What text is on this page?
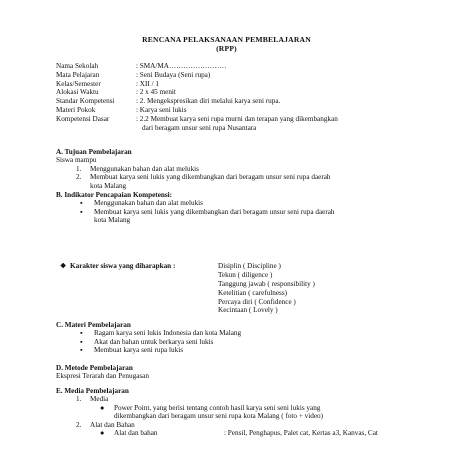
RENCANA PELAKSANAAN PEMBELAJARAN
(RPP)
Nama Sekolah	: SMA/MA……………………
Mata Pelajaran	: Seni Budaya (Seni rupa)
Kelas/Semester	: XII / 1
Alokasi Waktu	: 2 x 45 menit
Standar Kompetensi	: 2. Mengekspresikan diri melalui karya seni rupa.
Materi Pokok	: Karya seni lukis
Kompetensi Dasar	: 2.2 Membuat karya seni rupa murni dan terapan yang dikembangkan
dari beragam unsur seni rupa Nusantara
A. Tujuan Pembelajaran
Siswa mampu
1. Menggunakan bahan dan alat melukis
2. Membuat karya seni lukis yang dikembangkan dari beragam unsur seni rupa daerah
kota Malang
B. Indikator Pencapaian Kompetensi:
▪ Menggunakan bahan dan alat melukis
▪ Membuat karya seni lukis yang dikembangkan dari beragam unsur seni rupa daerah
kota Malang
❖ Karakter siswa yang diharapkan :	Disiplin ( Discipline )
Tekun ( diligence )
Tanggung jawab ( responsibility )
Ketelitian ( carefulness)
Percaya diri ( Confidence )
Kecintaan ( Lovely )
C. Materi Pembelajaran
▪ Ragam karya seni lukis Indonesia dan kota Malang
▪ Akat dan bahan untuk berkarya seni lukis
▪ Membuat karya seni rupa lukis
D. Metode Pembelajaran
Ekspresi Terarah dan Penugasan
E. Media Pembelajaran
1. Media
● Power Point, yang berisi tentang contoh hasil karya seni seni lukis yang
dikembangkan dari beragam unsur seni rupa kota Malang ( foto + video)
2. Alat dan Bahan
● Alat dan bahan	: Pensil, Penghapus, Palet cat, Kertas a3, Kanvas, Cat
